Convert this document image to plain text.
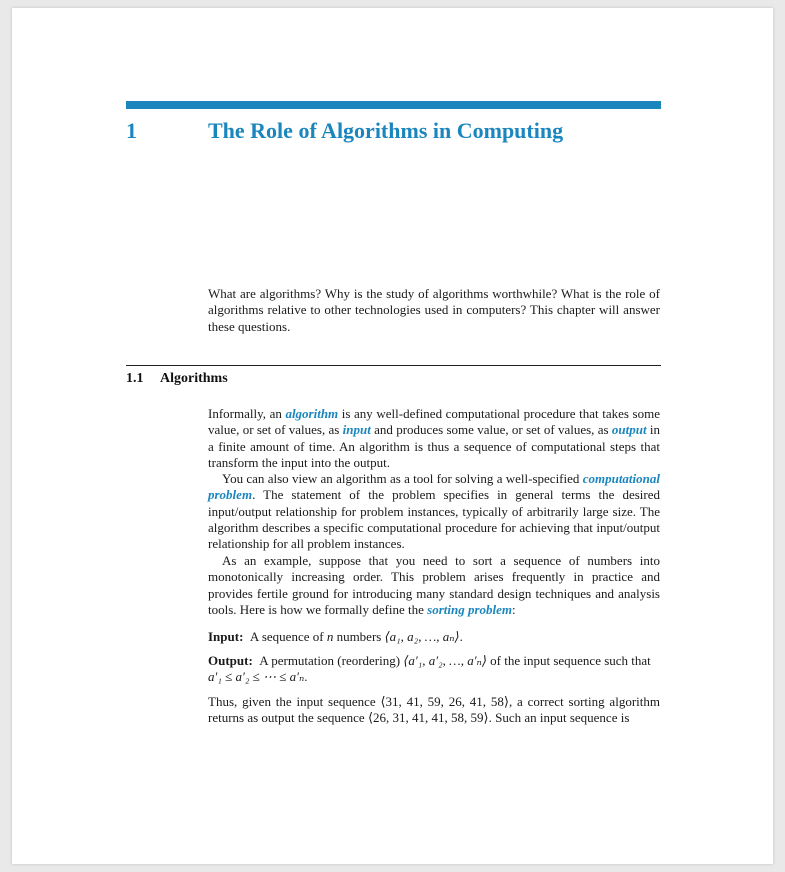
1	The Role of Algorithms in Computing

What are algorithms? Why is the study of algorithms worthwhile? What is the role of algorithms relative to other technologies used in computers? This chapter will answer these questions.

1.1 Algorithms

Informally, an algorithm is any well-defined computational procedure that takes some value, or set of values, as input and produces some value, or set of values, as output in a finite amount of time. An algorithm is thus a sequence of computational steps that transform the input into the output.

You can also view an algorithm as a tool for solving a well-specified computational problem. The statement of the problem specifies in general terms the desired input/output relationship for problem instances, typically of arbitrarily large size. The algorithm describes a specific computational procedure for achieving that input/output relationship for all problem instances.

As an example, suppose that you need to sort a sequence of numbers into monotonically increasing order. This problem arises frequently in practice and provides fertile ground for introducing many standard design techniques and analysis tools. Here is how we formally define the sorting problem:

Input: A sequence of n numbers ⟨a₁, a₂, …, aₙ⟩.
Output: A permutation (reordering) ⟨a′₁, a′₂, …, a′ₙ⟩ of the input sequence such that a′₁ ≤ a′₂ ≤ ⋯ ≤ a′ₙ.

Thus, given the input sequence ⟨31, 41, 59, 26, 41, 58⟩, a correct sorting algorithm returns as output the sequence ⟨26, 31, 41, 41, 58, 59⟩. Such an input sequence is
